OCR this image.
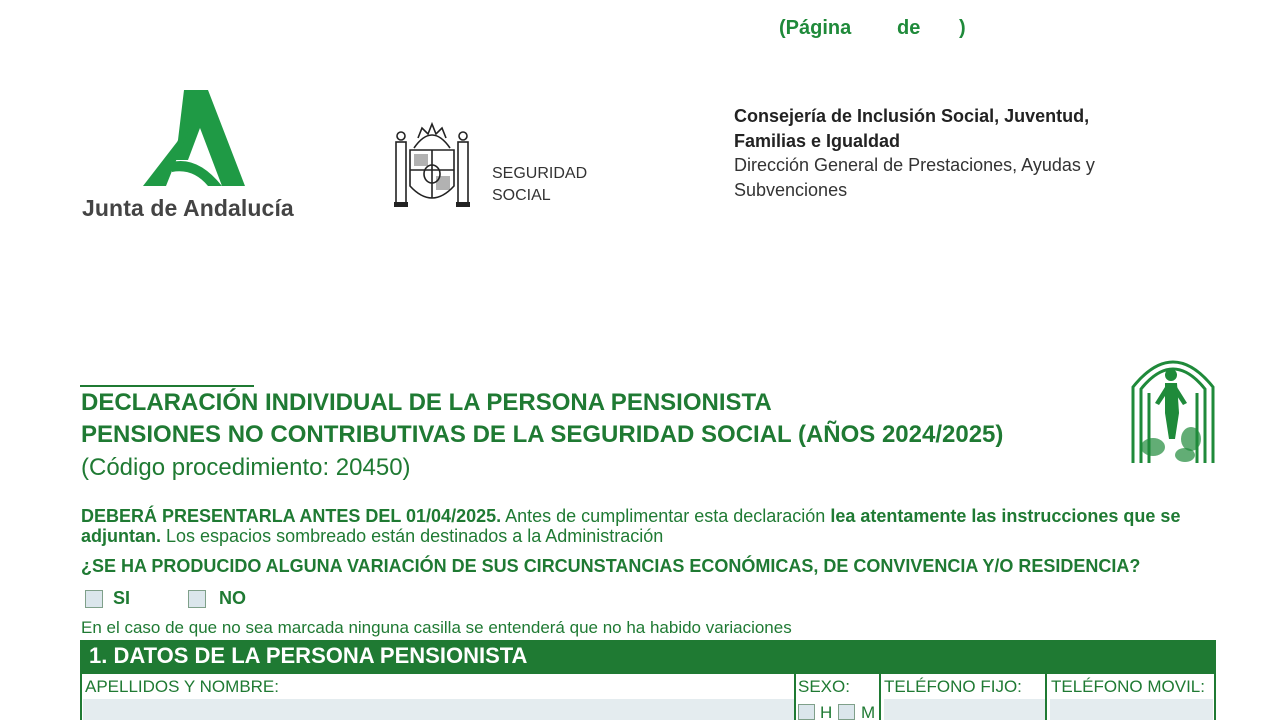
(Página de )
Junta de Andalucía
SEGURIDAD
SOCIAL
Consejería de Inclusión Social, Juventud,
Familias e Igualdad
Dirección General de Prestaciones, Ayudas y
Subvenciones
DECLARACIÓN INDIVIDUAL DE LA PERSONA PENSIONISTA
PENSIONES NO CONTRIBUTIVAS DE LA SEGURIDAD SOCIAL (AÑOS 2024/2025)
(Código procedimiento: 20450)
DEBERÁ PRESENTARLA ANTES DEL 01/04/2025. Antes de cumplimentar esta declaración lea atentamente las instrucciones que se adjuntan. Los espacios sombreado están destinados a la Administración
¿SE HA PRODUCIDO ALGUNA VARIACIÓN DE SUS CIRCUNSTANCIAS ECONÓMICAS, DE CONVIVENCIA Y/O RESIDENCIA?
SI	NO
En el caso de que no sea marcada ninguna casilla se entenderá que no ha habido variaciones
1. DATOS DE LA PERSONA PENSIONISTA
APELLIDOS Y NOMBRE:	SEXO:
H M
TELÉFONO FIJO: TELÉFONO MOVIL:
